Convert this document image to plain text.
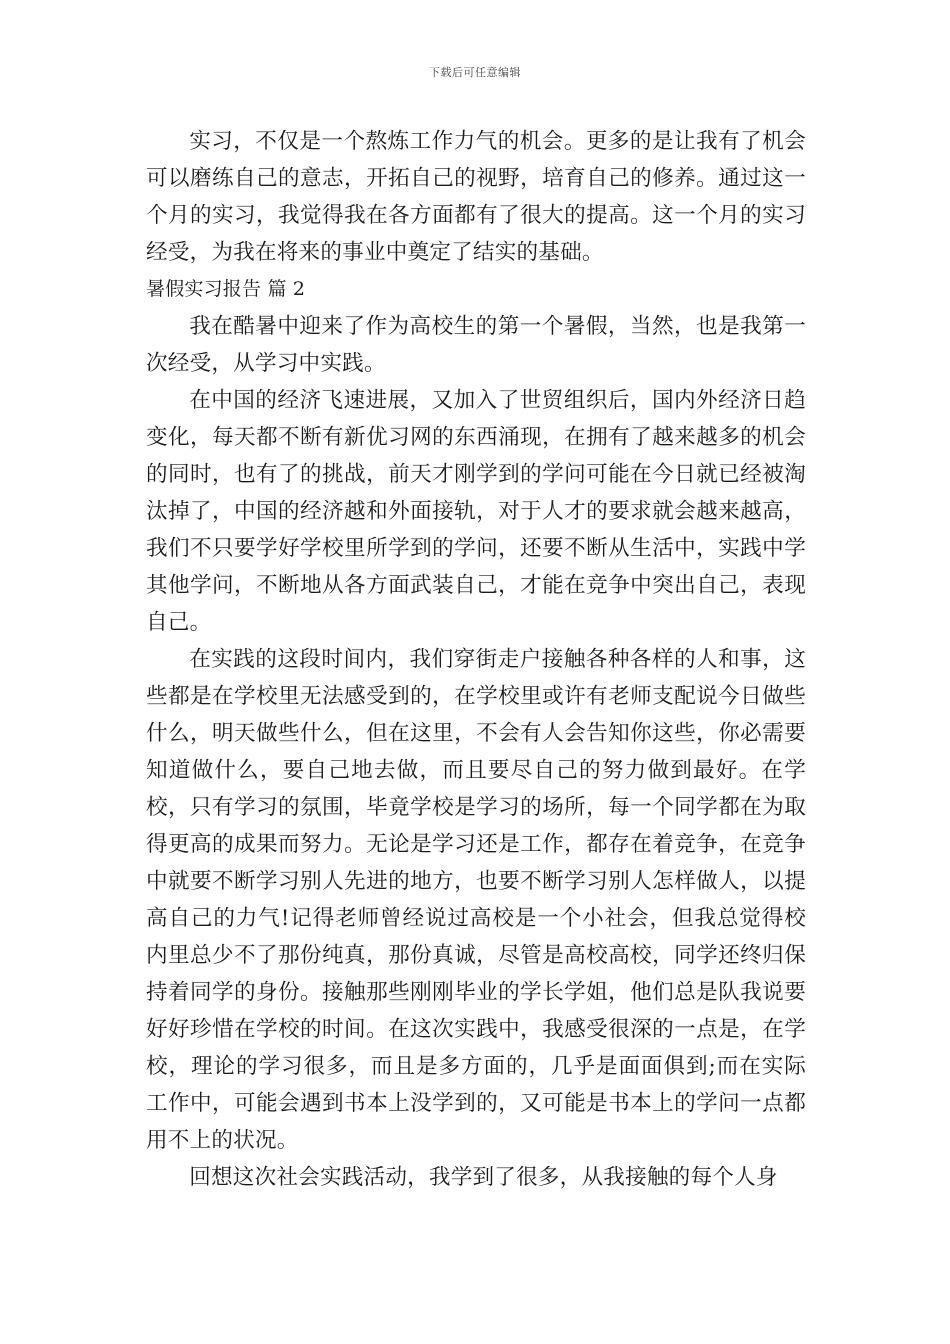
下载后可任意编辑

实习，不仅是一个熬炼工作力气的机会。更多的是让我有了机会可以磨练自己的意志，开拓自己的视野，培育自己的修养。通过这一个月的实习，我觉得我在各方面都有了很大的提高。这一个月的实习经受，为我在将来的事业中奠定了结实的基础。

暑假实习报告 篇 2

我在酷暑中迎来了作为高校生的第一个暑假，当然，也是我第一次经受，从学习中实践。

在中国的经济飞速进展，又加入了世贸组织后，国内外经济日趋变化，每天都不断有新优习网的东西涌现，在拥有了越来越多的机会的同时，也有了的挑战，前天才刚学到的学问可能在今日就已经被淘汰掉了，中国的经济越和外面接轨，对于人才的要求就会越来越高，我们不只要学好学校里所学到的学问，还要不断从生活中，实践中学其他学问，不断地从各方面武装自己，才能在竞争中突出自己，表现自己。

在实践的这段时间内，我们穿街走户接触各种各样的人和事，这些都是在学校里无法感受到的，在学校里或许有老师支配说今日做些什么，明天做些什么，但在这里，不会有人会告知你这些，你必需要知道做什么，要自己地去做，而且要尽自己的努力做到最好。在学校，只有学习的氛围，毕竟学校是学习的场所，每一个同学都在为取得更高的成果而努力。无论是学习还是工作，都存在着竞争，在竞争中就要不断学习别人先进的地方，也要不断学习别人怎样做人，以提高自己的力气!记得老师曾经说过高校是一个小社会，但我总觉得校内里总少不了那份纯真，那份真诚，尽管是高校高校，同学还终归保持着同学的身份。接触那些刚刚毕业的学长学姐，他们总是队我说要好好珍惜在学校的时间。在这次实践中，我感受很深的一点是，在学校，理论的学习很多，而且是多方面的，几乎是面面俱到;而在实际工作中，可能会遇到书本上没学到的，又可能是书本上的学问一点都用不上的状况。

回想这次社会实践活动，我学到了很多，从我接触的每个人身
